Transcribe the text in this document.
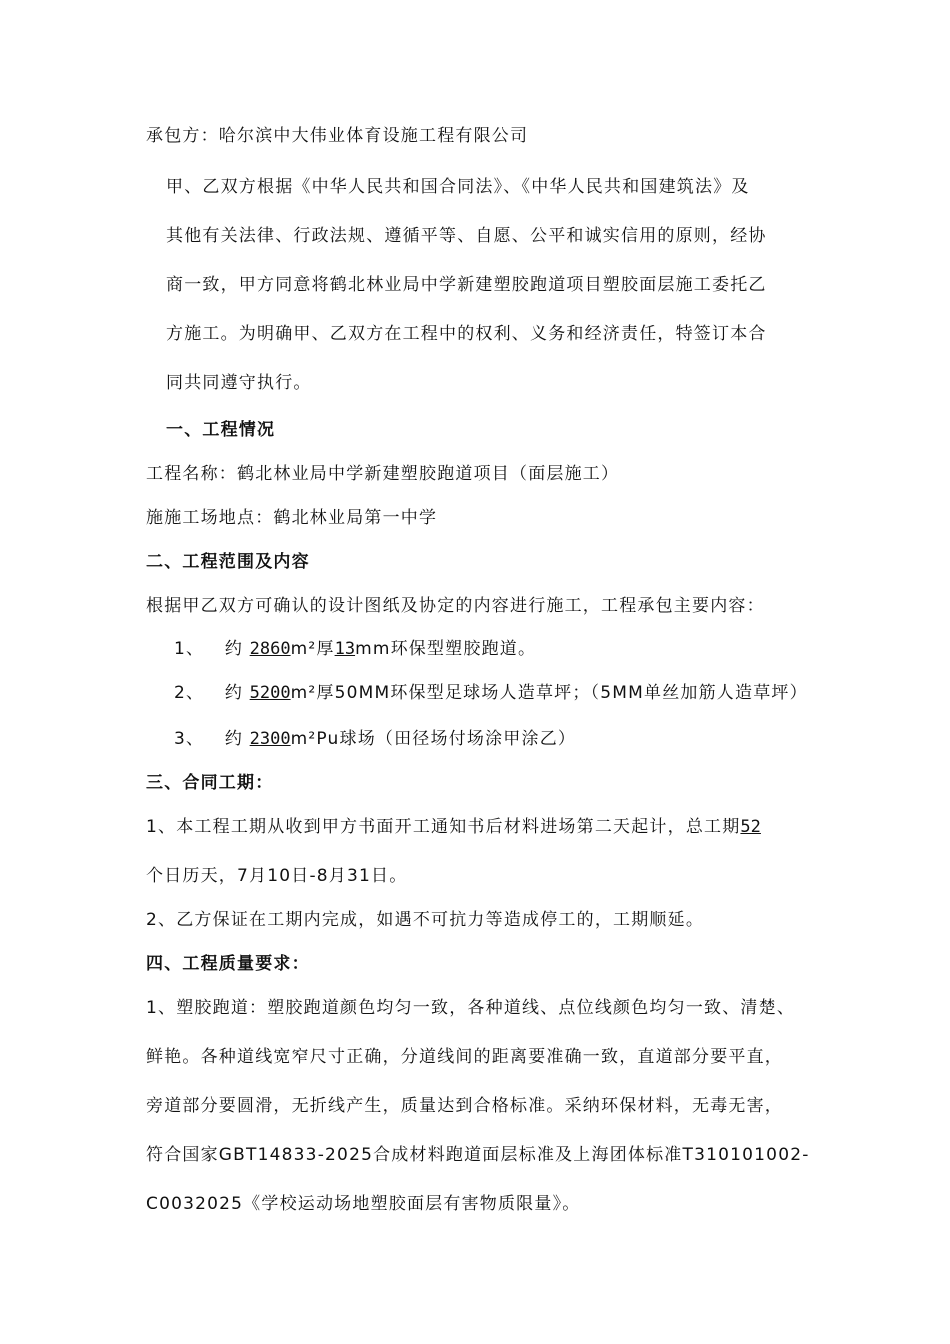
承包方：哈尔滨中大伟业体育设施工程有限公司
甲、乙双方根据《中华人民共和国合同法》、《中华人民共和国建筑法》及
其他有关法律、行政法规、遵循平等、自愿、公平和诚实信用的原则，经协
商一致，甲方同意将鹤北林业局中学新建塑胶跑道项目塑胶面层施工委托乙
方施工。为明确甲、乙双方在工程中的权利、义务和经济责任，特签订本合
同共同遵守执行。
一、工程情况
工程名称：鹤北林业局中学新建塑胶跑道项目（面层施工）
施施工场地点：鹤北林业局第一中学
二、工程范围及内容
根据甲乙双方可确认的设计图纸及协定的内容进行施工，工程承包主要内容：
1、 约 2860m²厚13mm环保型塑胶跑道。
2、 约 5200m²厚50MM环保型足球场人造草坪；（5MM单丝加筋人造草坪）
3、 约 2300m²Pu球场（田径场付场涂甲涂乙）
三、合同工期：
1、本工程工期从收到甲方书面开工通知书后材料进场第二天起计，总工期52
个日历天，7月10日-8月31日。
2、乙方保证在工期内完成，如遇不可抗力等造成停工的，工期顺延。
四、工程质量要求：
1、塑胶跑道：塑胶跑道颜色均匀一致，各种道线、点位线颜色均匀一致、清楚、
鲜艳。各种道线宽窄尺寸正确，分道线间的距离要准确一致，直道部分要平直，
旁道部分要圆滑，无折线产生，质量达到合格标准。采纳环保材料，无毒无害，
符合国家GBT14833-2025合成材料跑道面层标准及上海团体标准T310101002-
C0032025《学校运动场地塑胶面层有害物质限量》。
